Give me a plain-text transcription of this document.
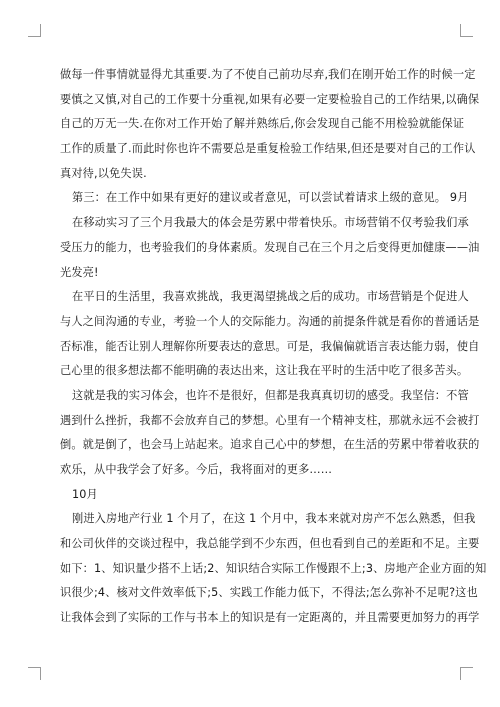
做每一件事情就显得尤其重要.为了不使自己前功尽弃,我们在刚开始工作的时候一定
要慎之又慎,对自己的工作要十分重视,如果有必要一定要检验自己的工作结果,以确保
自己的万无一失.在你对工作开始了解并熟练后,你会发现自己能不用检验就能保证
工作的质量了.而此时你也许不需要总是重复检验工作结果,但还是要对自己的工作认
真对待,以免失误.
第三：在工作中如果有更好的建议或者意见，可以尝试着请求上级的意见。 9月
在移动实习了三个月我最大的体会是劳累中带着快乐。市场营销不仅考验我们承
受压力的能力，也考验我们的身体素质。发现自己在三个月之后变得更加健康——油
光发亮!
在平日的生活里，我喜欢挑战，我更渴望挑战之后的成功。市场营销是个促进人
与人之间沟通的专业，考验一个人的交际能力。沟通的前提条件就是看你的普通话是
否标准，能否让别人理解你所要表达的意思。可是，我偏偏就语言表达能力弱，使自
己心里的很多想法都不能明确的表达出来，这让我在平时的生活中吃了很多苦头。
这就是我的实习体会，也许不是很好，但都是我真真切切的感受。我坚信：不管
遇到什么挫折，我都不会放弃自己的梦想。心里有一个精神支柱，那就永远不会被打
倒。就是倒了，也会马上站起来。追求自己心中的梦想，在生活的劳累中带着收获的
欢乐，从中我学会了好多。今后，我将面对的更多……
10月
刚进入房地产行业 1 个月了，在这 1 个月中，我本来就对房产不怎么熟悉，但我
和公司伙伴的交谈过程中，我总能学到不少东西，但也看到自己的差距和不足。主要
如下：1、知识量少搭不上话;2、知识结合实际工作慢跟不上;3、房地产企业方面的知
识很少;4、核对文件效率低下;5、实践工作能力低下，不得法;怎么弥补不足呢?这也
让我体会到了实际的工作与书本上的知识是有一定距离的，并且需要更加努力的再学
